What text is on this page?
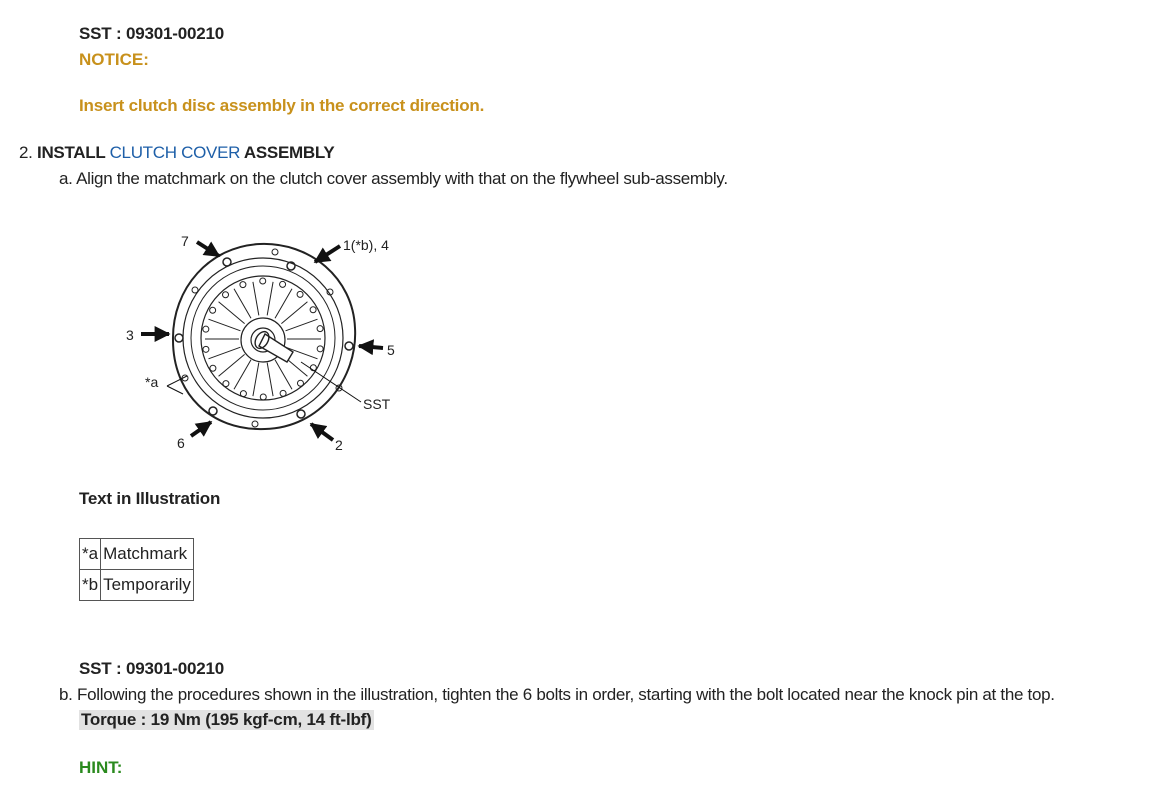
SST : 09301-00210
NOTICE:
Insert clutch disc assembly in the correct direction.
2. INSTALL CLUTCH COVER ASSEMBLY
a. Align the matchmark on the clutch cover assembly with that on the flywheel sub-assembly.
7	1(*b), 4
3
5
*a
SST
6	2
Text in Illustration
*a	Matchmark
*b	Temporarily
SST : 09301-00210
b. Following the procedures shown in the illustration, tighten the 6 bolts in order, starting with the bolt located near the knock pin at the top.
Torque : 19 Nm (195 kgf-cm, 14 ft-lbf)
HINT:
